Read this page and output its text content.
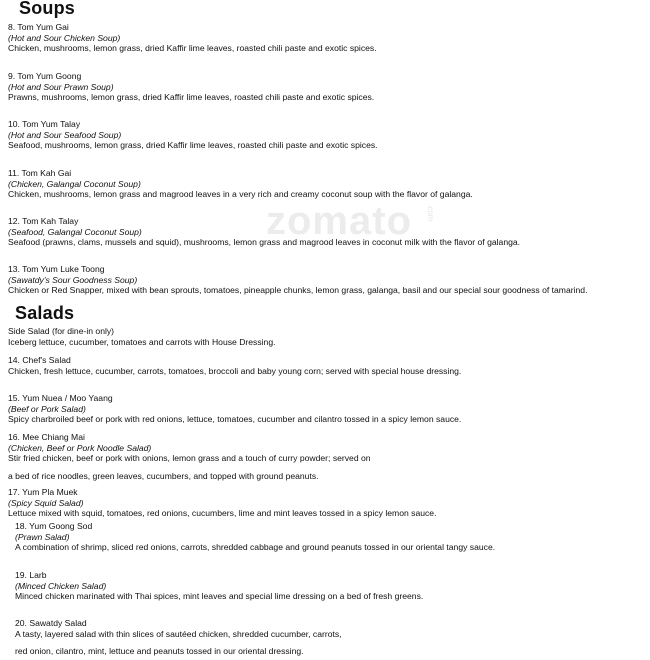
zomato .com
Soups
8. Tom Yum Gai
(Hot and Sour Chicken Soup)
Chicken, mushrooms, lemon grass, dried Kaffir lime leaves, roasted chili paste and exotic spices.
9. Tom Yum Goong
(Hot and Sour Prawn Soup)
Prawns, mushrooms, lemon grass, dried Kaffir lime leaves, roasted chili paste and exotic spices.
10. Tom Yum Talay
(Hot and Sour Seafood Soup)
Seafood, mushrooms, lemon grass, dried Kaffir lime leaves, roasted chili paste and exotic spices.
11. Tom Kah Gai
(Chicken, Galangal Coconut Soup)
Chicken, mushrooms, lemon grass and magrood leaves in a very rich and creamy coconut soup with the flavor of galanga.
12. Tom Kah Talay
(Seafood, Galangal Coconut Soup)
Seafood (prawns, clams, mussels and squid), mushrooms, lemon grass and magrood leaves in coconut milk with the flavor of galanga.
13. Tom Yum Luke Toong
(Sawatdy's Sour Goodness Soup)
Chicken or Red Snapper, mixed with bean sprouts, tomatoes, pineapple chunks, lemon grass, galanga, basil and our special sour goodness of tamarind.
Salads
Side Salad (for dine-in only)
Iceberg lettuce, cucumber, tomatoes and carrots with House Dressing.
14. Chef's Salad
Chicken, fresh lettuce, cucumber, carrots, tomatoes, broccoli and baby young corn; served with special house dressing.
15. Yum Nuea / Moo Yaang
(Beef or Pork Salad)
Spicy charbroiled beef or pork with red onions, lettuce, tomatoes, cucumber and cilantro tossed in a spicy lemon sauce.
16. Mee Chiang Mai
(Chicken, Beef or Pork Noodle Salad)
Stir fried chicken, beef or pork with onions, lemon grass and a touch of curry powder; served on
a bed of rice noodles, green leaves, cucumbers, and topped with ground peanuts.
17. Yum Pla Muek
(Spicy Squid Salad)
Lettuce mixed with squid, tomatoes, red onions, cucumbers, lime and mint leaves tossed in a spicy lemon sauce.
18. Yum Goong Sod
(Prawn Salad)
A combination of shrimp, sliced red onions, carrots, shredded cabbage and ground peanuts tossed in our oriental tangy sauce.
19. Larb
(Minced Chicken Salad)
Minced chicken marinated with Thai spices, mint leaves and special lime dressing on a bed of fresh greens.
20. Sawatdy Salad
A tasty, layered salad with thin slices of sautéed chicken, shredded cucumber, carrots,
red onion, cilantro, mint, lettuce and peanuts tossed in our oriental dressing.
